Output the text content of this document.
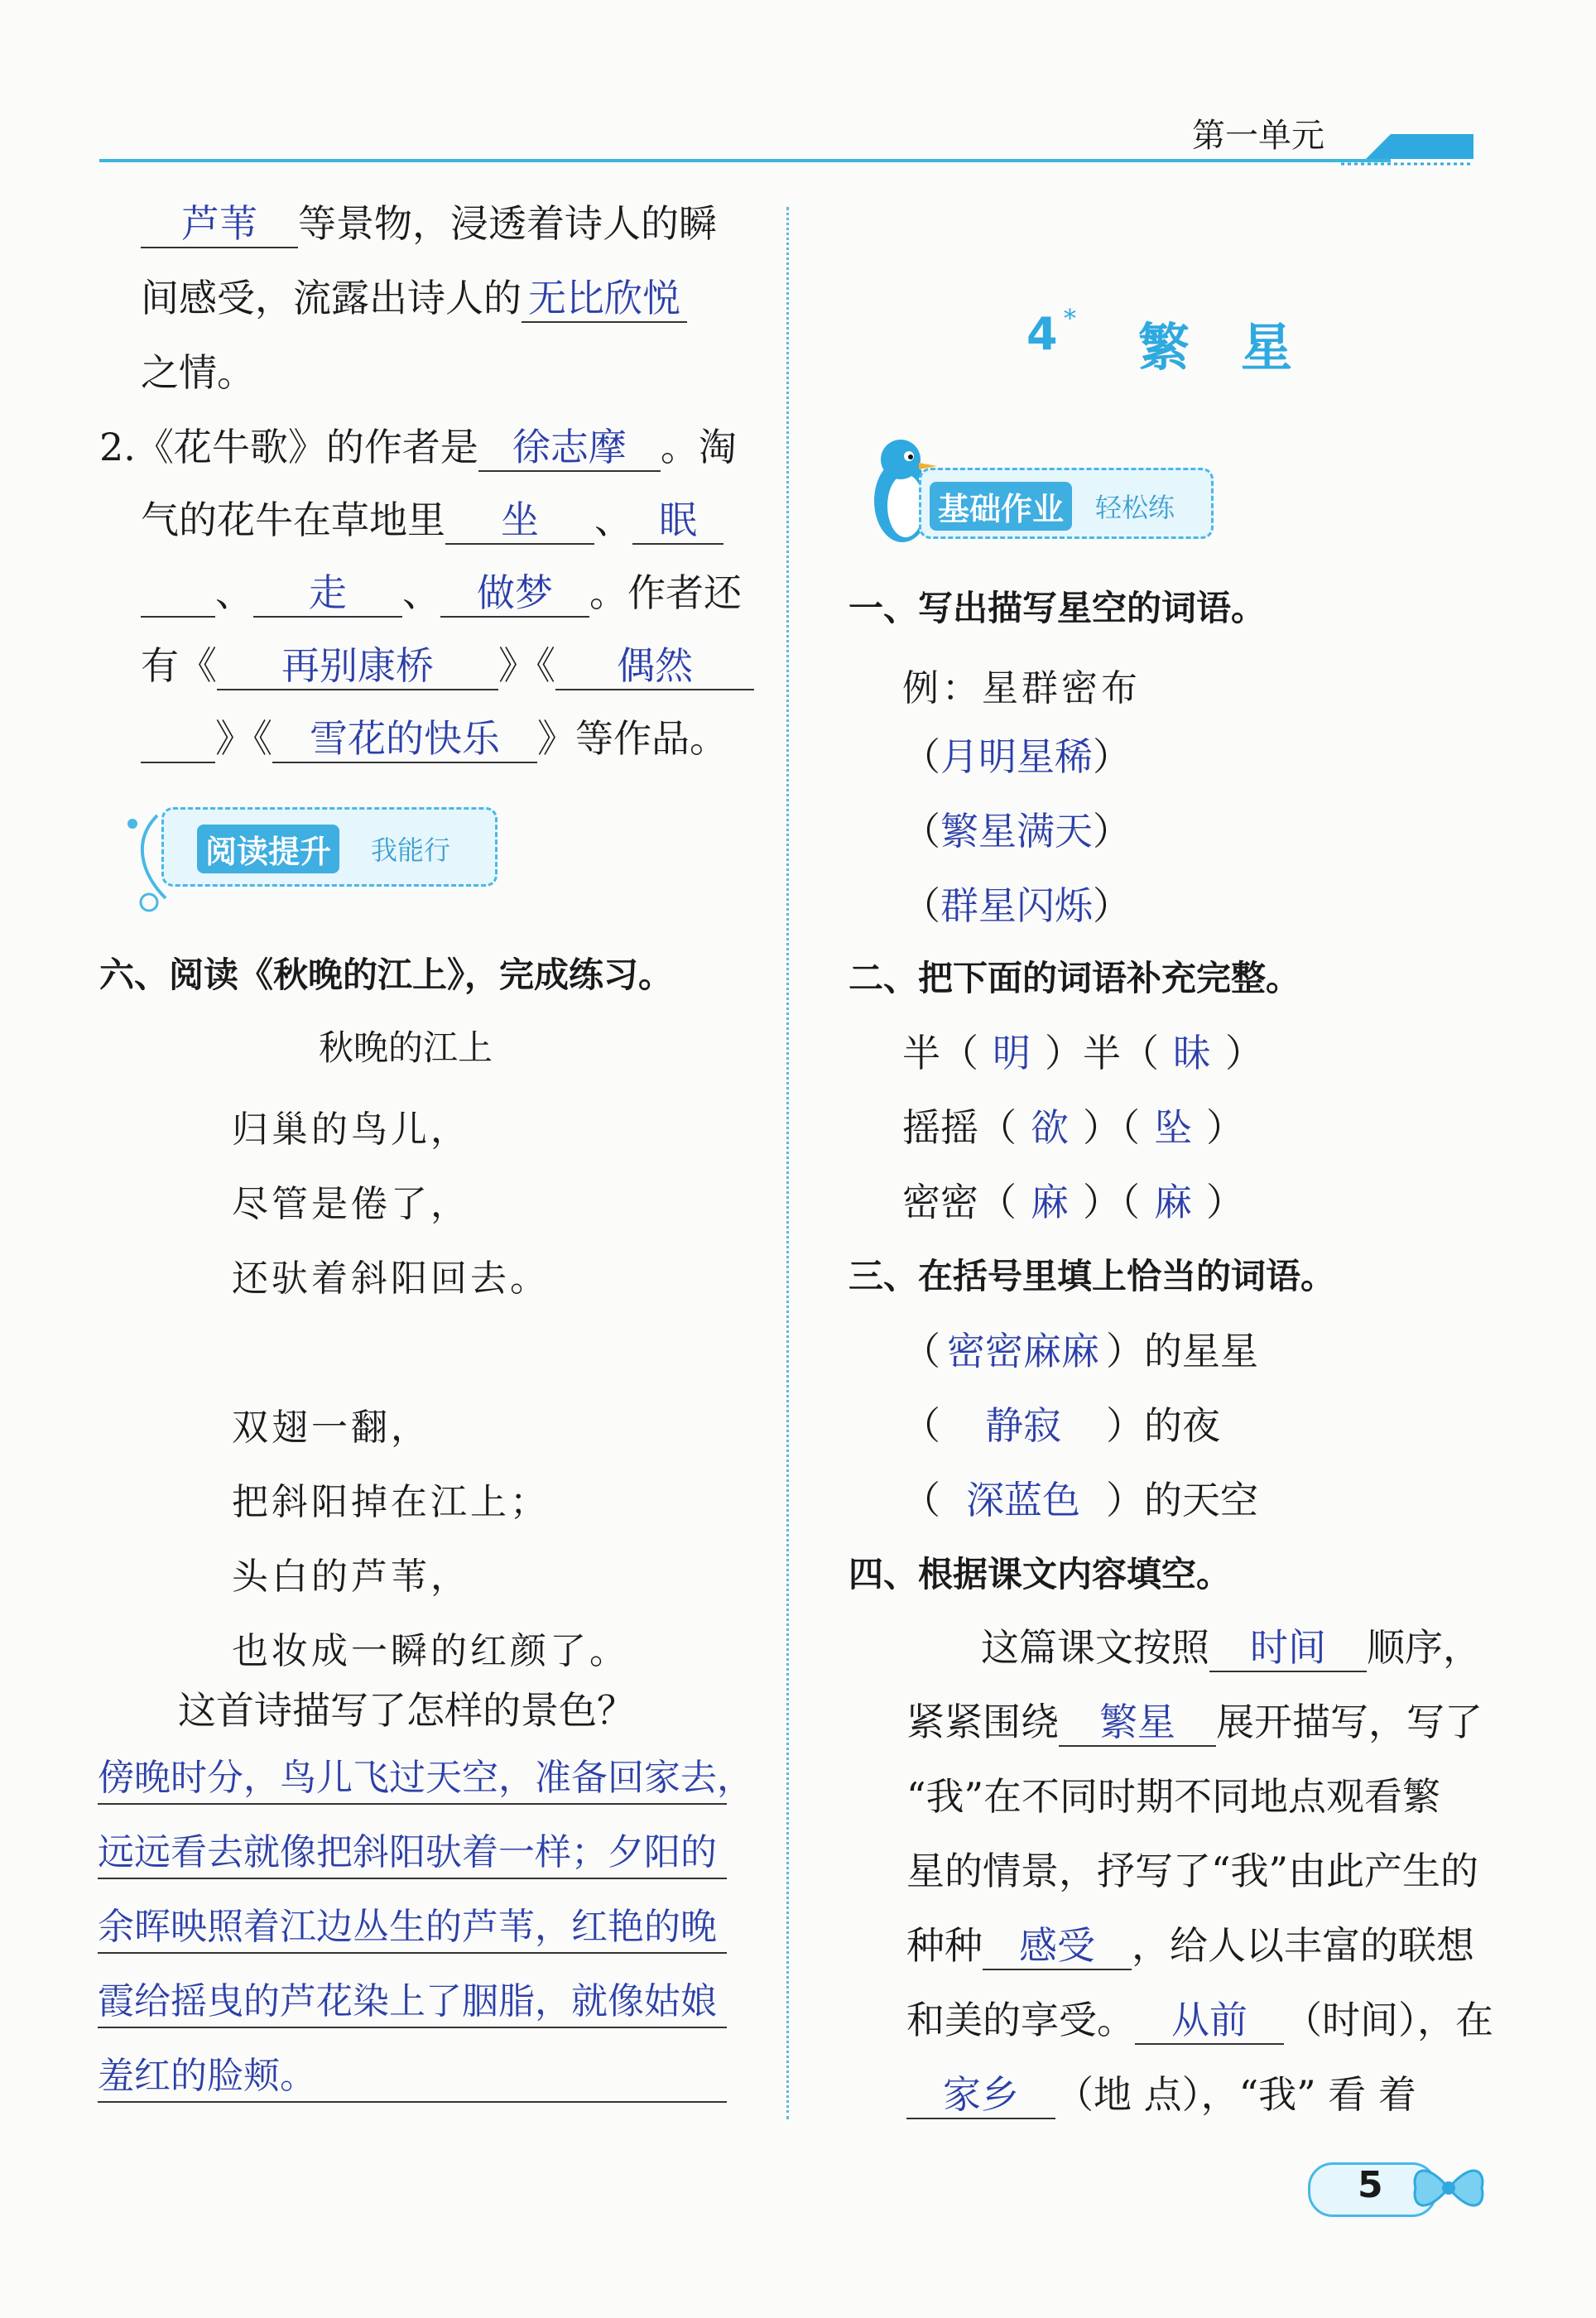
第一单元
芦苇 等景物，浸透着诗人的瞬
间感受，流露出诗人的 无比欣悦
之情。
2.《花牛歌》的作者是 徐志摩 。淘
气的花牛在草地里 坐 、 眠
、 走 、 做梦 。作者还
有《 再别康桥 》《 偶然
》《 雪花的快乐 》等作品。
阅读提升	我能行
六、阅读《秋晚的江上》，完成练习。
秋晚的江上
归巢的鸟儿，
尽管是倦了，
还驮着斜阳回去。
双翅一翻，
把斜阳掉在江上；
头白的芦苇，
也妆成一瞬的红颜了。
这首诗描写了怎样的景色？
傍晚时分，鸟儿飞过天空，准备回家去，
远远看去就像把斜阳驮着一样；夕阳的
余晖映照着江边丛生的芦苇，红艳的晚
霞给摇曳的芦花染上了胭脂，就像姑娘
羞红的脸颊。
4 * 繁　星
基础作业	轻松练
一、写出描写星空的词语。
例：星群密布
（月明星稀）
（繁星满天）
（群星闪烁）
二、把下面的词语补充完整。
半（ 明 ）半（ 昧 ）
摇摇（ 欲 ）（ 坠 ）
密密（ 麻 ）（ 麻 ）
三、在括号里填上恰当的词语。
（ 密密麻麻 ）的星星
（ 静寂 ）的夜
（ 深蓝色 ）的天空
四、根据课文内容填空。
这篇课文按照 时间 顺序，
紧紧围绕 繁星 展开描写，写了
“我”在不同时期不同地点观看繁
星的情景，抒写了“我”由此产生的
种种 感受 ，给人以丰富的联想
和美的享受。 从前 （时间），在
家乡 （地 点），“我” 看 着
5
